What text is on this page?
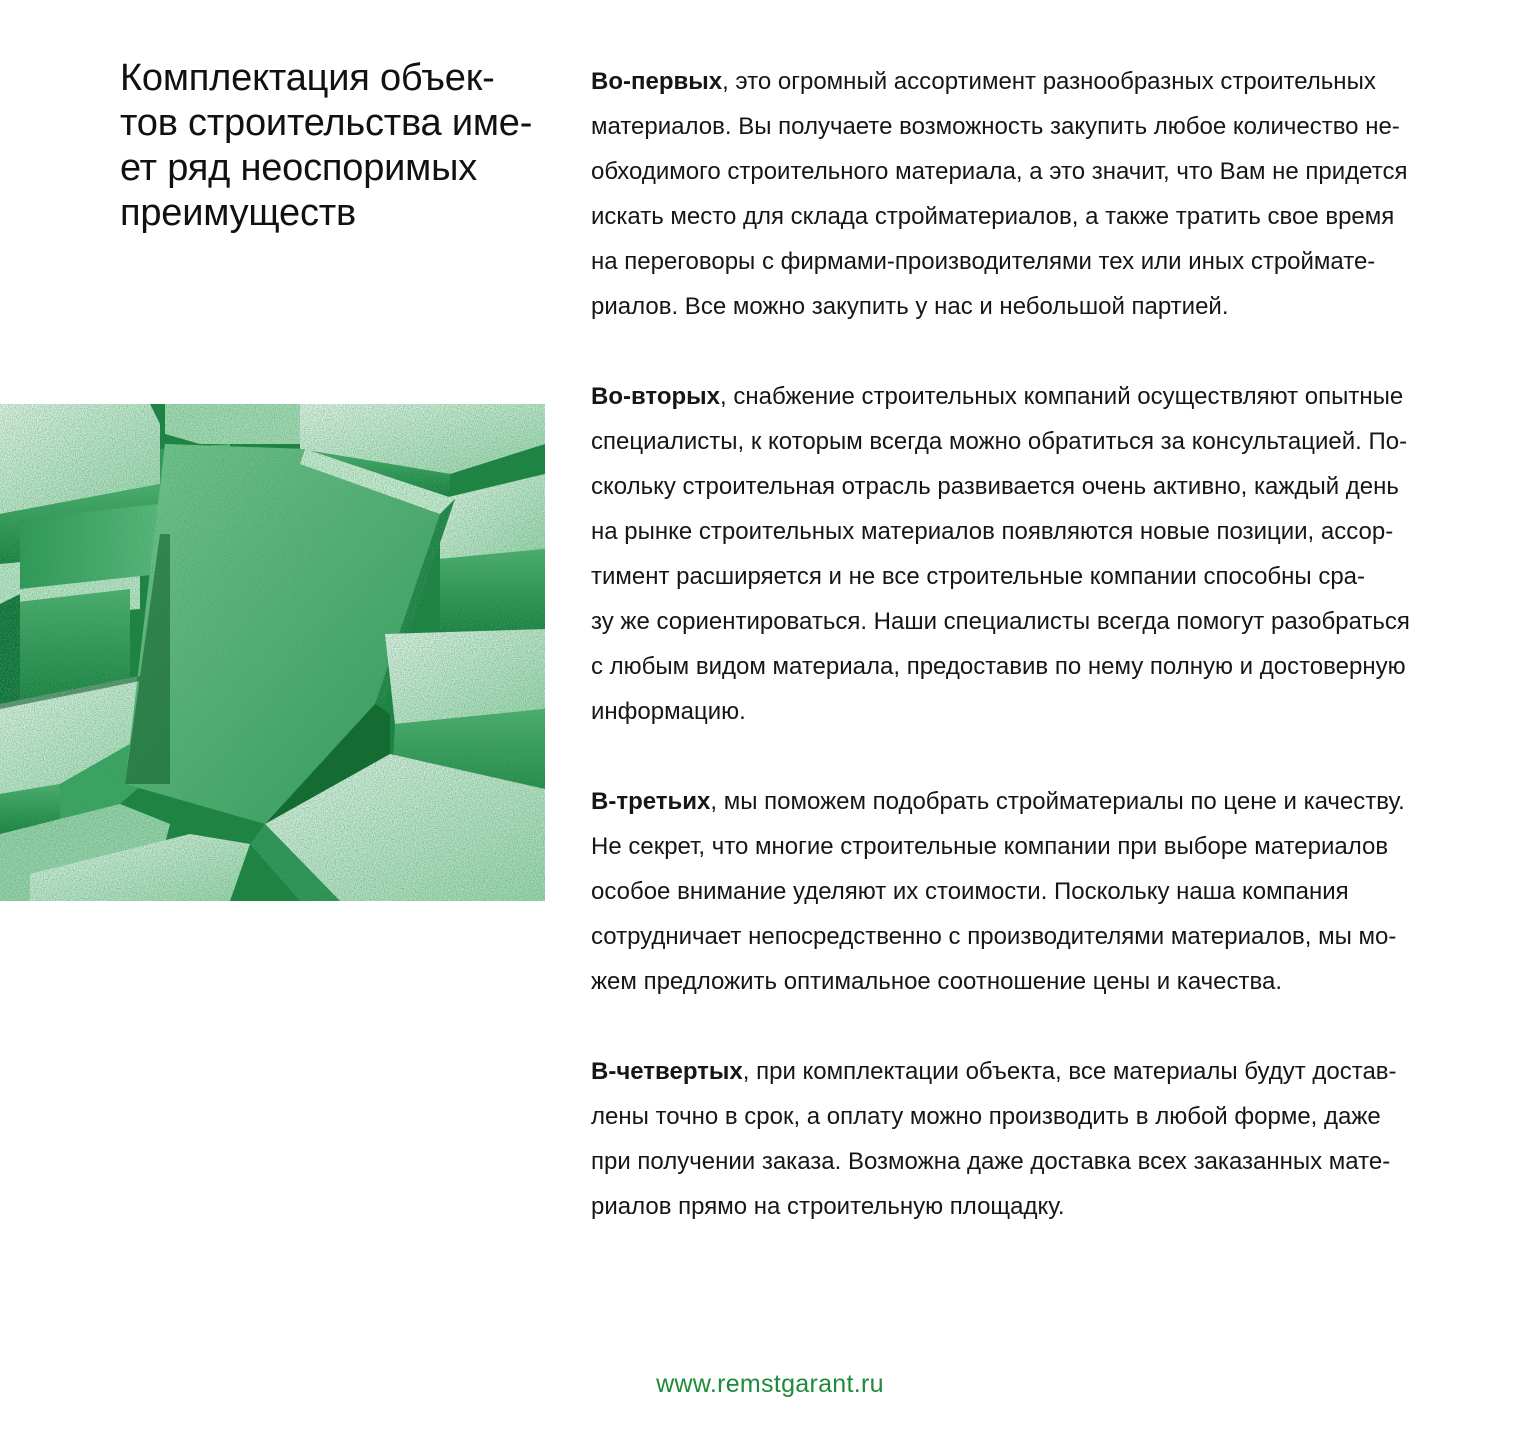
Комплектация объек-
тов строительства име-
ет ряд неоспоримых
преимуществ

Во-первых, это огромный ассортимент разнообразных строительных
материалов. Вы получаете возможность закупить любое количество не-
обходимого строительного материала, а это значит, что Вам не придется
искать место для склада стройматериалов, а также тратить свое время
на переговоры с фирмами-производителями тех или иных строймате-
риалов. Все можно закупить у нас и небольшой партией.

Во-вторых, снабжение строительных компаний осуществляют опытные
специалисты, к которым всегда можно обратиться за консультацией. По-
скольку строительная отрасль развивается очень активно, каждый день
на рынке строительных материалов появляются новые позиции, ассор-
тимент расширяется и не все строительные компании способны сра-
зу же сориентироваться. Наши специалисты всегда помогут разобраться
с любым видом материала, предоставив по нему полную и достоверную
информацию.

В-третьих, мы поможем подобрать стройматериалы по цене и качеству.
Не секрет, что многие строительные компании при выборе материалов
особое внимание уделяют их стоимости. Поскольку наша компания
сотрудничает непосредственно с производителями материалов, мы мо-
жем предложить оптимальное соотношение цены и качества.

В-четвертых, при комплектации объекта, все материалы будут достав-
лены точно в срок, а оплату можно производить в любой форме, даже
при получении заказа. Возможна даже доставка всех заказанных мате-
риалов прямо на строительную площадку.

www.remstgarant.ru
